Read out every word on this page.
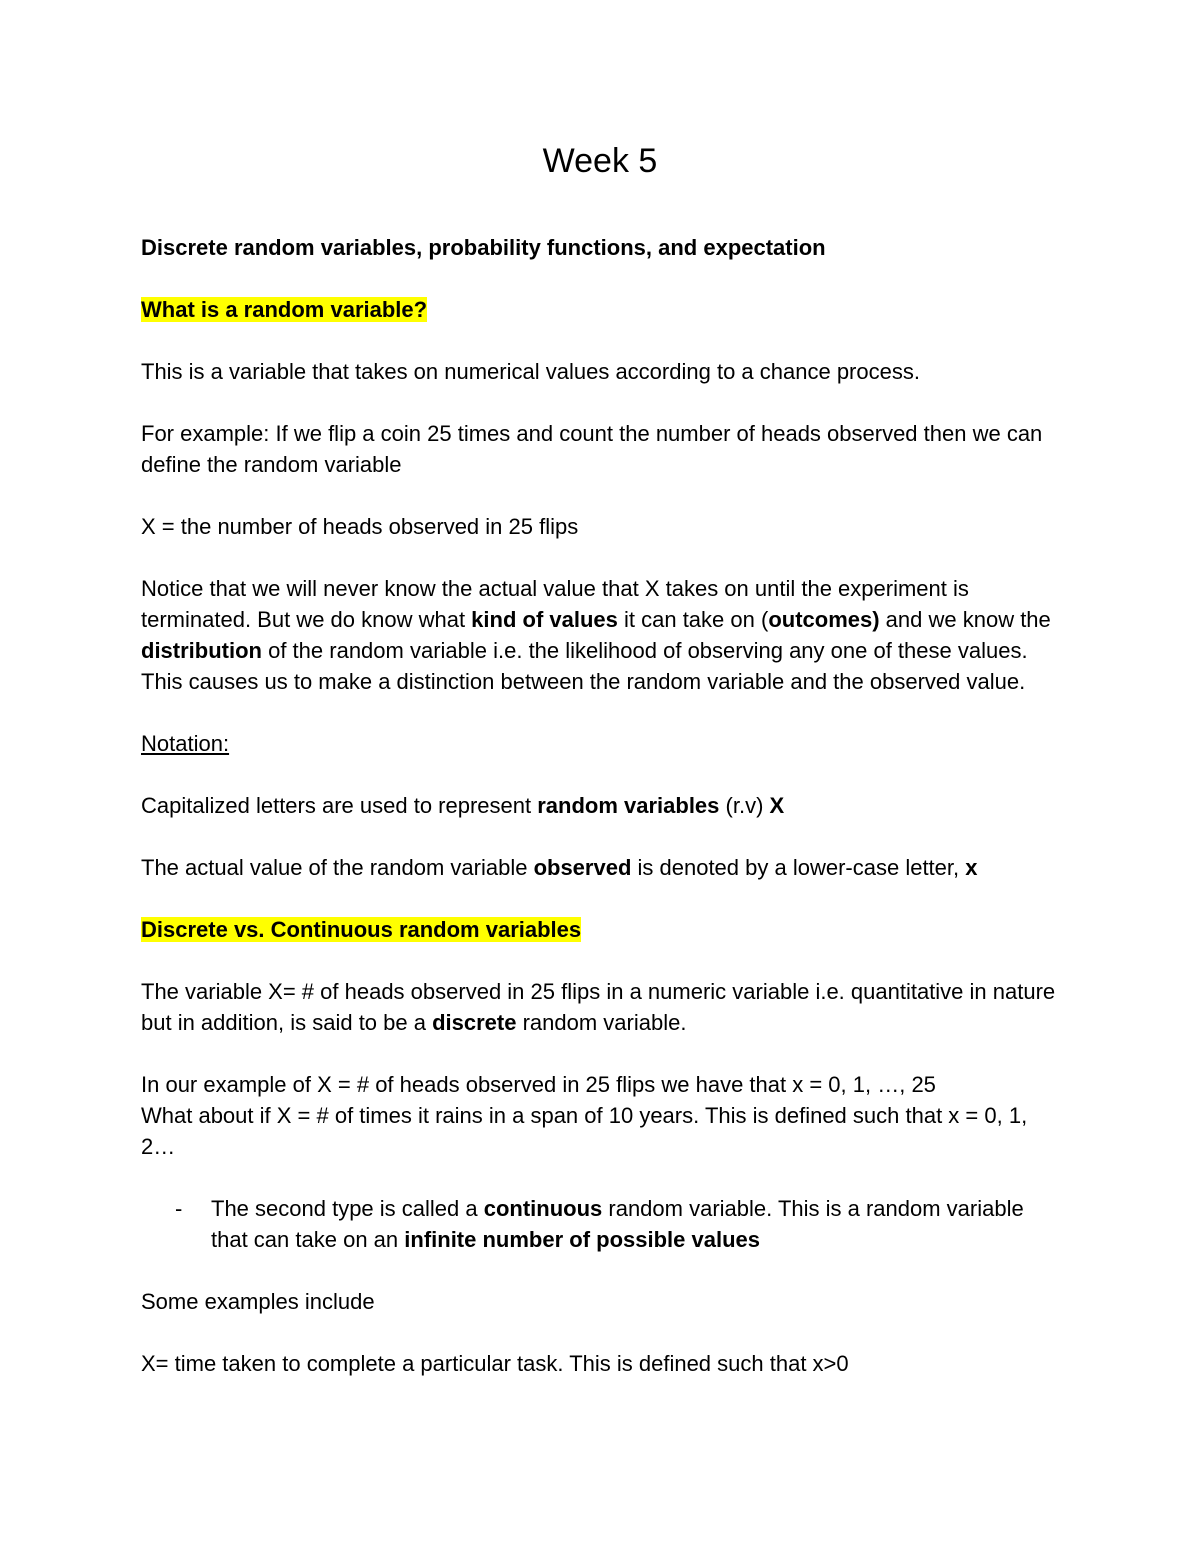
Week 5

Discrete random variables, probability functions, and expectation

What is a random variable?

This is a variable that takes on numerical values according to a chance process.

For example: If we flip a coin 25 times and count the number of heads observed then we can define the random variable

X = the number of heads observed in 25 flips

Notice that we will never know the actual value that X takes on until the experiment is terminated. But we do know what kind of values it can take on (outcomes) and we know the distribution of the random variable i.e. the likelihood of observing any one of these values. This causes us to make a distinction between the random variable and the observed value.

Notation:

Capitalized letters are used to represent random variables (r.v) X

The actual value of the random variable observed is denoted by a lower-case letter, x

Discrete vs. Continuous random variables

The variable X= # of heads observed in 25 flips in a numeric variable i.e. quantitative in nature but in addition, is said to be a discrete random variable.

In our example of X = # of heads observed in 25 flips we have that x = 0, 1, …, 25

What about if X = # of times it rains in a span of 10 years. This is defined such that x = 0, 1, 2…

- The second type is called a continuous random variable. This is a random variable that can take on an infinite number of possible values

Some examples include

X= time taken to complete a particular task. This is defined such that x>0
